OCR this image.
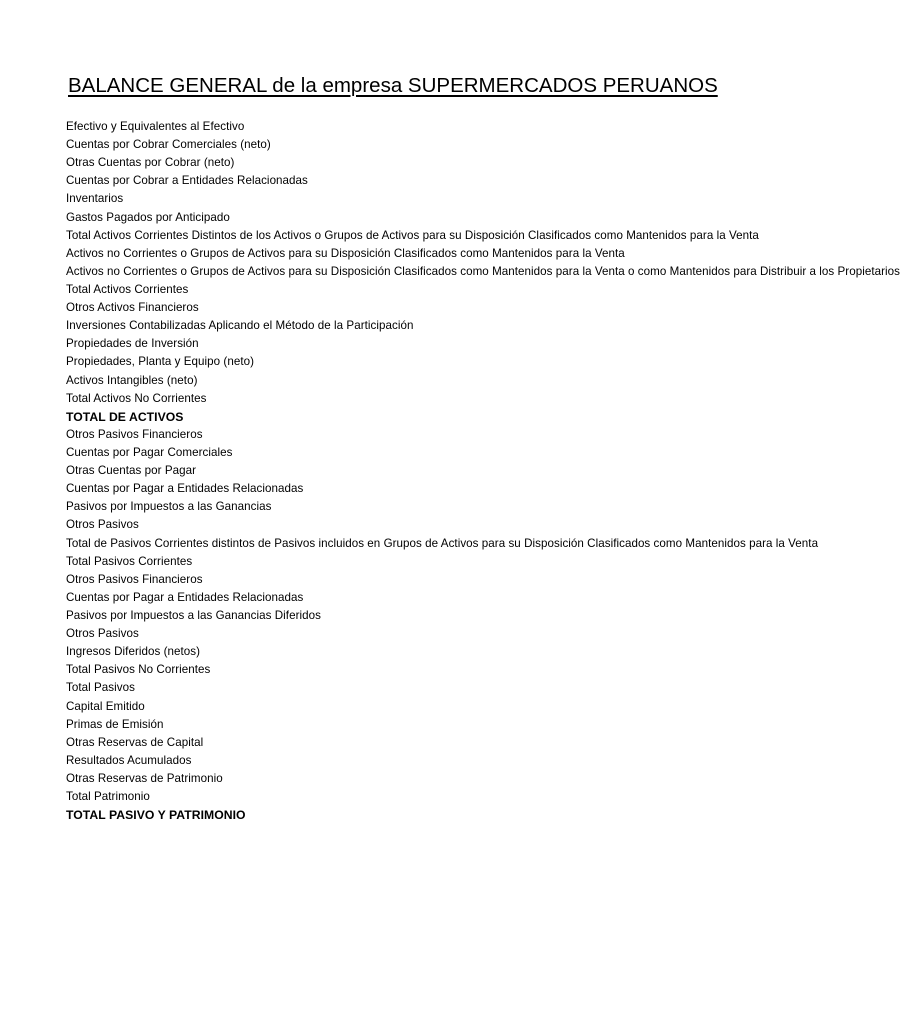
BALANCE GENERAL de la empresa SUPERMERCADOS PERUANOS
Efectivo y Equivalentes al Efectivo
Cuentas por Cobrar Comerciales (neto)
Otras Cuentas por Cobrar (neto)
Cuentas por Cobrar a Entidades Relacionadas
Inventarios
Gastos Pagados por Anticipado
Total Activos Corrientes Distintos de los Activos o Grupos de Activos para su Disposición Clasificados como Mantenidos para la Venta
Activos no Corrientes o Grupos de Activos para su Disposición Clasificados como Mantenidos para la Venta
Activos no Corrientes o Grupos de Activos para su Disposición Clasificados como Mantenidos para la Venta o como Mantenidos para Distribuir a los Propietarios
Total Activos Corrientes
Otros Activos Financieros
Inversiones Contabilizadas Aplicando el Método de la Participación
Propiedades de Inversión
Propiedades, Planta y Equipo (neto)
Activos Intangibles (neto)
Total Activos No Corrientes
TOTAL DE ACTIVOS
Otros Pasivos Financieros
Cuentas por Pagar Comerciales
Otras Cuentas por Pagar
Cuentas por Pagar a Entidades Relacionadas
Pasivos por Impuestos a las Ganancias
Otros Pasivos
Total de Pasivos Corrientes distintos de Pasivos incluidos en Grupos de Activos para su Disposición Clasificados como Mantenidos para la Venta
Total Pasivos Corrientes
Otros Pasivos Financieros
Cuentas por Pagar a Entidades Relacionadas
Pasivos por Impuestos a las Ganancias Diferidos
Otros Pasivos
Ingresos Diferidos (netos)
Total Pasivos No Corrientes
Total Pasivos
Capital Emitido
Primas de Emisión
Otras Reservas de Capital
Resultados Acumulados
Otras Reservas de Patrimonio
Total Patrimonio
TOTAL PASIVO Y PATRIMONIO
